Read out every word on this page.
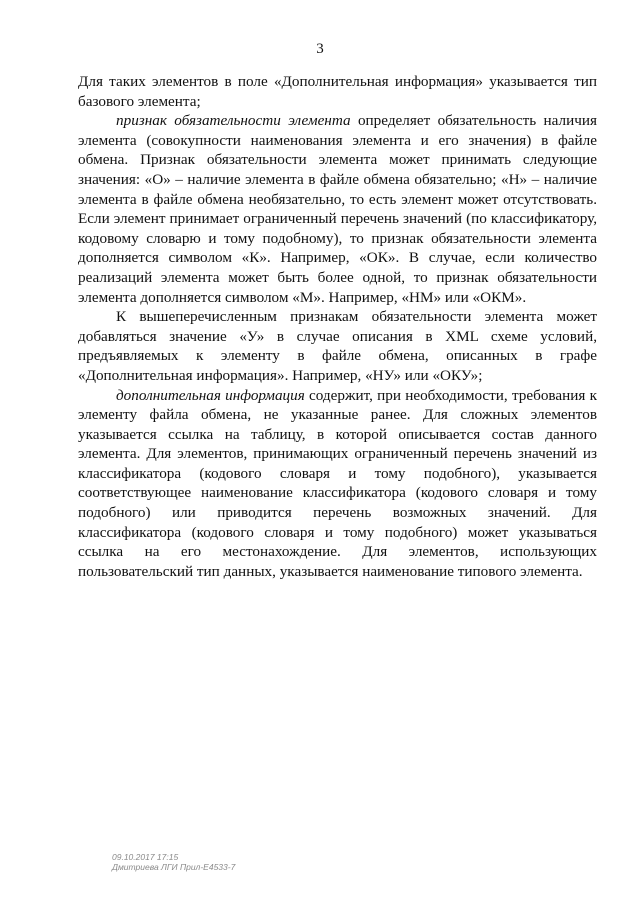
3

Для таких элементов в поле «Дополнительная информация» указывается тип базового элемента;

признак обязательности элемента определяет обязательность наличия элемента (совокупности наименования элемента и его значения) в файле обмена. Признак обязательности элемента может принимать следующие значения: «О» – наличие элемента в файле обмена обязательно; «Н» – наличие элемента в файле обмена необязательно, то есть элемент может отсутствовать. Если элемент принимает ограниченный перечень значений (по классификатору, кодовому словарю и тому подобному), то признак обязательности элемента дополняется символом «К». Например, «ОК». В случае, если количество реализаций элемента может быть более одной, то признак обязательности элемента дополняется символом «М». Например, «НМ» или «ОКМ».

К вышеперечисленным признакам обязательности элемента может добавляться значение «У» в случае описания в XML схеме условий, предъявляемых к элементу в файле обмена, описанных в графе «Дополнительная информация». Например, «НУ» или «ОКУ»;

дополнительная информация содержит, при необходимости, требования к элементу файла обмена, не указанные ранее. Для сложных элементов указывается ссылка на таблицу, в которой описывается состав данного элемента. Для элементов, принимающих ограниченный перечень значений из классификатора (кодового словаря и тому подобного), указывается соответствующее наименование классификатора (кодового словаря и тому подобного) или приводится перечень возможных значений. Для классификатора (кодового словаря и тому подобного) может указываться ссылка на его местонахождение. Для элементов, использующих пользовательский тип данных, указывается наименование типового элемента.

09.10.2017 17:15
Дмитриева ЛГИ Прил-Е4533-7
